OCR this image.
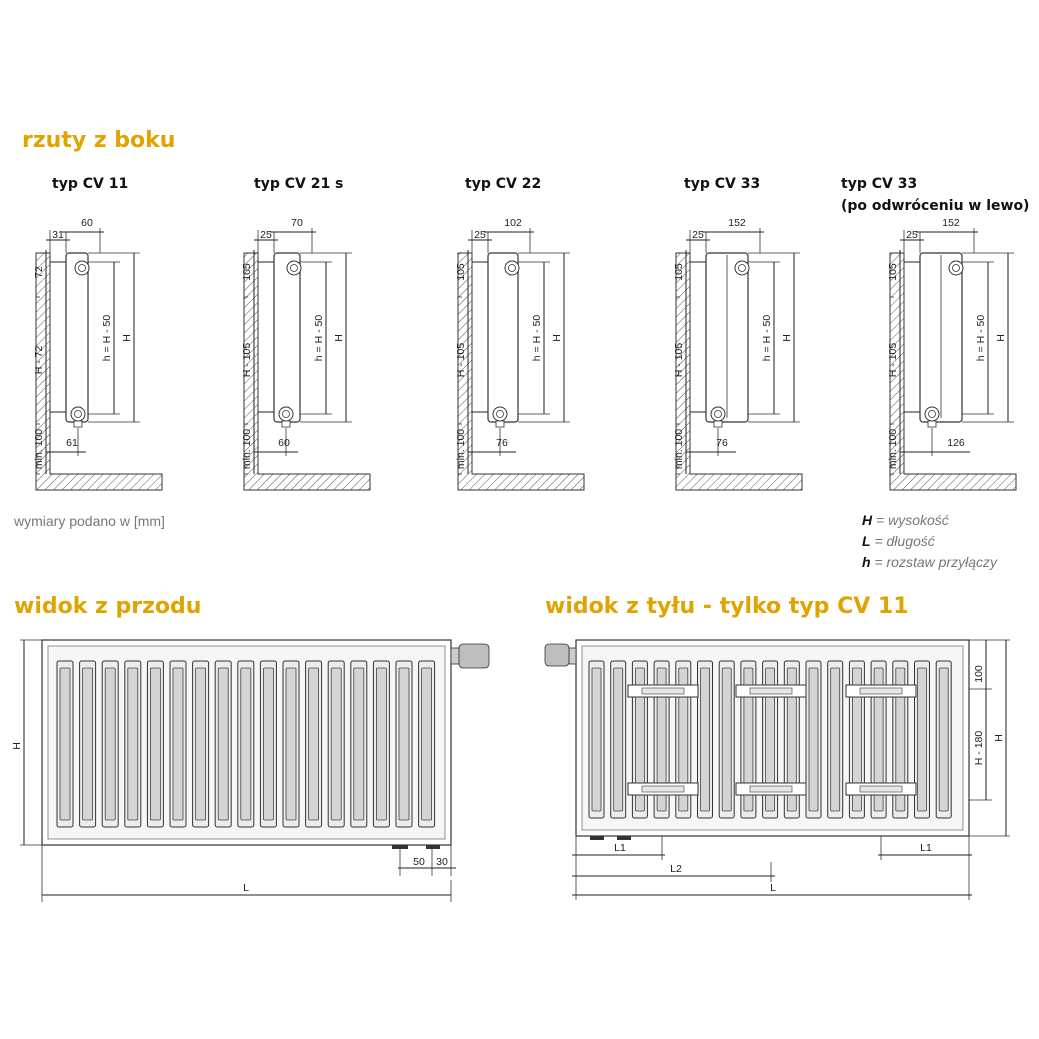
rzuty z boku
widok z przodu	widok z tyłu - tylko typ CV 11
typ CV 11
31
60
72
H - 72
min. 100
h = H - 50 H
61
typ CV 21 s
25
70
105
H - 105
min. 100
h = H - 50 H
60
typ CV 22
25
102
105
H - 105
min. 100
h = H - 50 H
76
typ CV 33
25
152
105
H - 105
min. 100
h = H - 50 H
76
typ CV 33
(po odwróceniu w lewo)
25
152
105
H - 105
min. 100
h = H - 50 H
126
wymiary podano w [mm]	H = wysokość
L = długość
h = rozstaw przyłączy
H
50 30
L
100
H - 180 H
L1	L1
L2
L
